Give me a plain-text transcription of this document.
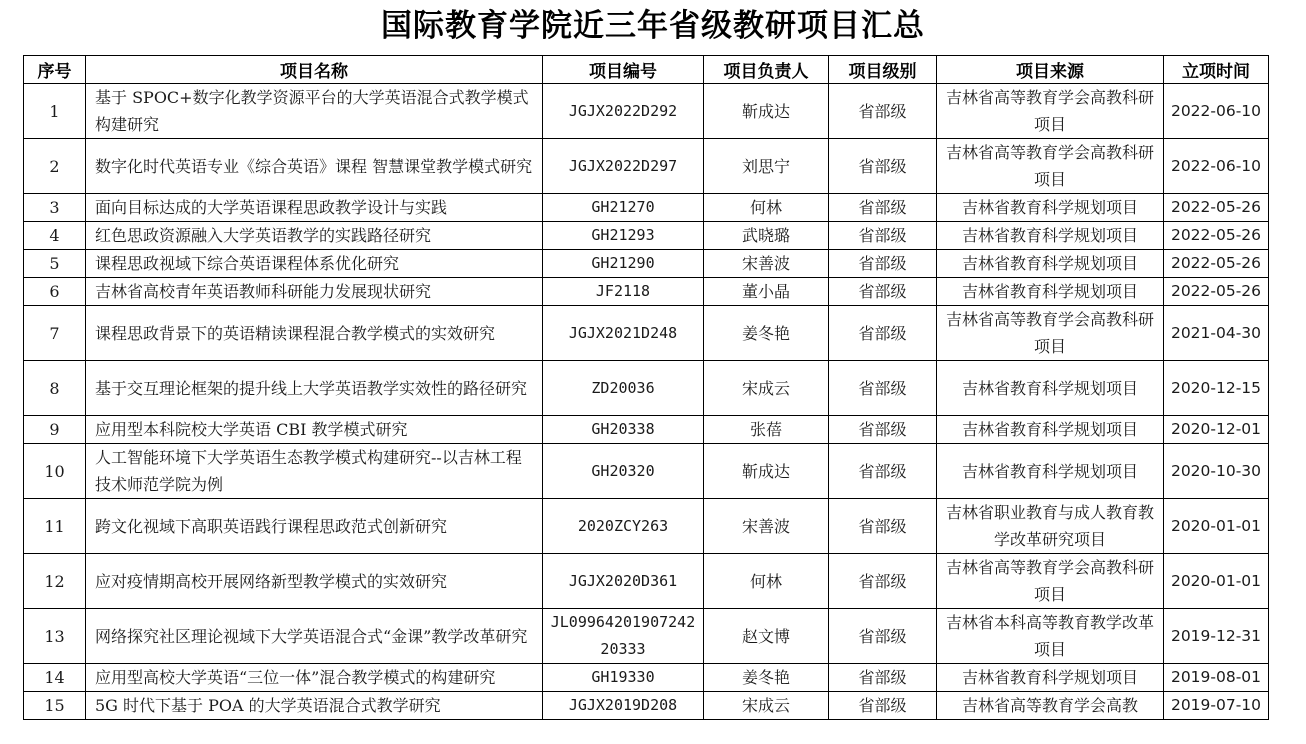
国际教育学院近三年省级教研项目汇总
序号	项目名称	项目编号	项目负责人	项目级别	项目来源	立项时间
1	基于 SPOC+数字化教学资源平台的大学英语混合式教学模式构建研究	JGJX2022D292	靳成达	省部级	吉林省高等教育学会高教科研项目	2022-06-10
2	数字化时代英语专业《综合英语》课程 智慧课堂教学模式研究	JGJX2022D297	刘思宁	省部级	吉林省高等教育学会高教科研项目	2022-06-10
3	面向目标达成的大学英语课程思政教学设计与实践	GH21270	何林	省部级	吉林省教育科学规划项目	2022-05-26
4	红色思政资源融入大学英语教学的实践路径研究	GH21293	武晓璐	省部级	吉林省教育科学规划项目	2022-05-26
5	课程思政视域下综合英语课程体系优化研究	GH21290	宋善波	省部级	吉林省教育科学规划项目	2022-05-26
6	吉林省高校青年英语教师科研能力发展现状研究	JF2118	董小晶	省部级	吉林省教育科学规划项目	2022-05-26
7	课程思政背景下的英语精读课程混合教学模式的实效研究	JGJX2021D248	姜冬艳	省部级	吉林省高等教育学会高教科研项目	2021-04-30
8	基于交互理论框架的提升线上大学英语教学实效性的路径研究	ZD20036	宋成云	省部级	吉林省教育科学规划项目	2020-12-15
9	应用型本科院校大学英语 CBI 教学模式研究	GH20338	张蓓	省部级	吉林省教育科学规划项目	2020-12-01
10	人工智能环境下大学英语生态教学模式构建研究--以吉林工程技术师范学院为例	GH20320	靳成达	省部级	吉林省教育科学规划项目	2020-10-30
11	跨文化视域下高职英语践行课程思政范式创新研究	2020ZCY263	宋善波	省部级	吉林省职业教育与成人教育教学改革研究项目	2020-01-01
12	应对疫情期高校开展网络新型教学模式的实效研究	JGJX2020D361	何林	省部级	吉林省高等教育学会高教科研项目	2020-01-01
13	网络探究社区理论视域下大学英语混合式“金课”教学改革研究	JL0996420190724220333	赵文博	省部级	吉林省本科高等教育教学改革项目	2019-12-31
14	应用型高校大学英语“三位一体”混合教学模式的构建研究	GH19330	姜冬艳	省部级	吉林省教育科学规划项目	2019-08-01
15	5G 时代下基于 POA 的大学英语混合式教学研究	JGJX2019D208	宋成云	省部级	吉林省高等教育学会高教	2019-07-10
